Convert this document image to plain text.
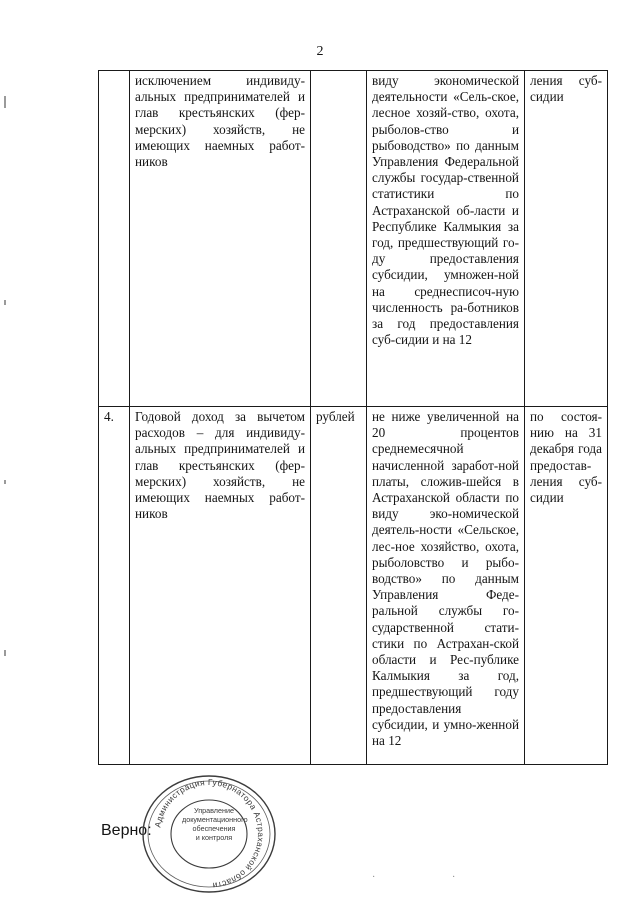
2
	исключением индивиду-альных предпринимателей и глав крестьянских (фер-мерских) хозяйств, не имеющих наемных работ-ников		виду экономической деятельности «Сель-ское, лесное хозяй-ство, охота, рыболов-ство и рыбоводство» по данным Управления Федеральной службы государ-ственной статистики по Астраханской об-ласти и Республике Калмыкия за год, предшествующий го-ду предоставления субсидии, умножен-ной на среднесписоч-ную численность ра-ботников за год предоставления суб-сидии и на 12	ления суб-сидии
4.	Годовой доход за вычетом расходов – для индивиду-альных предпринимателей и глав крестьянских (фер-мерских) хозяйств, не имеющих наемных работ-ников	рублей	не ниже увеличенной на 20 процентов среднемесячной начисленной заработ-ной платы, сложив-шейся в Астраханской области по виду эко-номической деятель-ности «Сельское, лес-ное хозяйство, охота, рыболовство и рыбо-водство» по данным Управления Феде-ральной службы го-сударственной стати-стики по Астрахан-ской области и Рес-публике Калмыкия за год, предшествующий году предоставления субсидии, и умно-женной на 12	по состоя-нию на 31 декабря года предостав-ления суб-сидии
Верно: Администрация Губернатора Астраханской области
Управление
документационного
обеспечения
и контроля
·	·
